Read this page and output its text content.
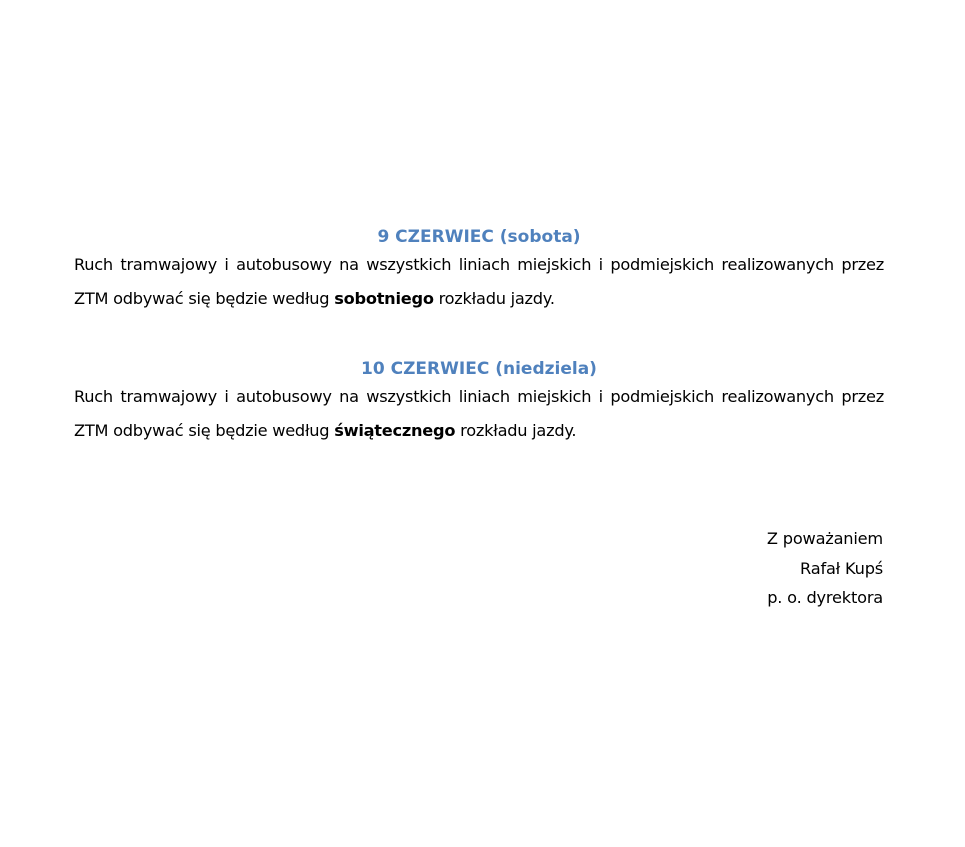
9 CZERWIEC (sobota)

Ruch tramwajowy i autobusowy na wszystkich liniach miejskich i podmiejskich realizowanych przez ZTM odbywać się będzie według sobotniego rozkładu jazdy.

10 CZERWIEC (niedziela)

Ruch tramwajowy i autobusowy na wszystkich liniach miejskich i podmiejskich realizowanych przez ZTM odbywać się będzie według świątecznego rozkładu jazdy.

Z poważaniem
Rafał Kupś
p. o. dyrektora
